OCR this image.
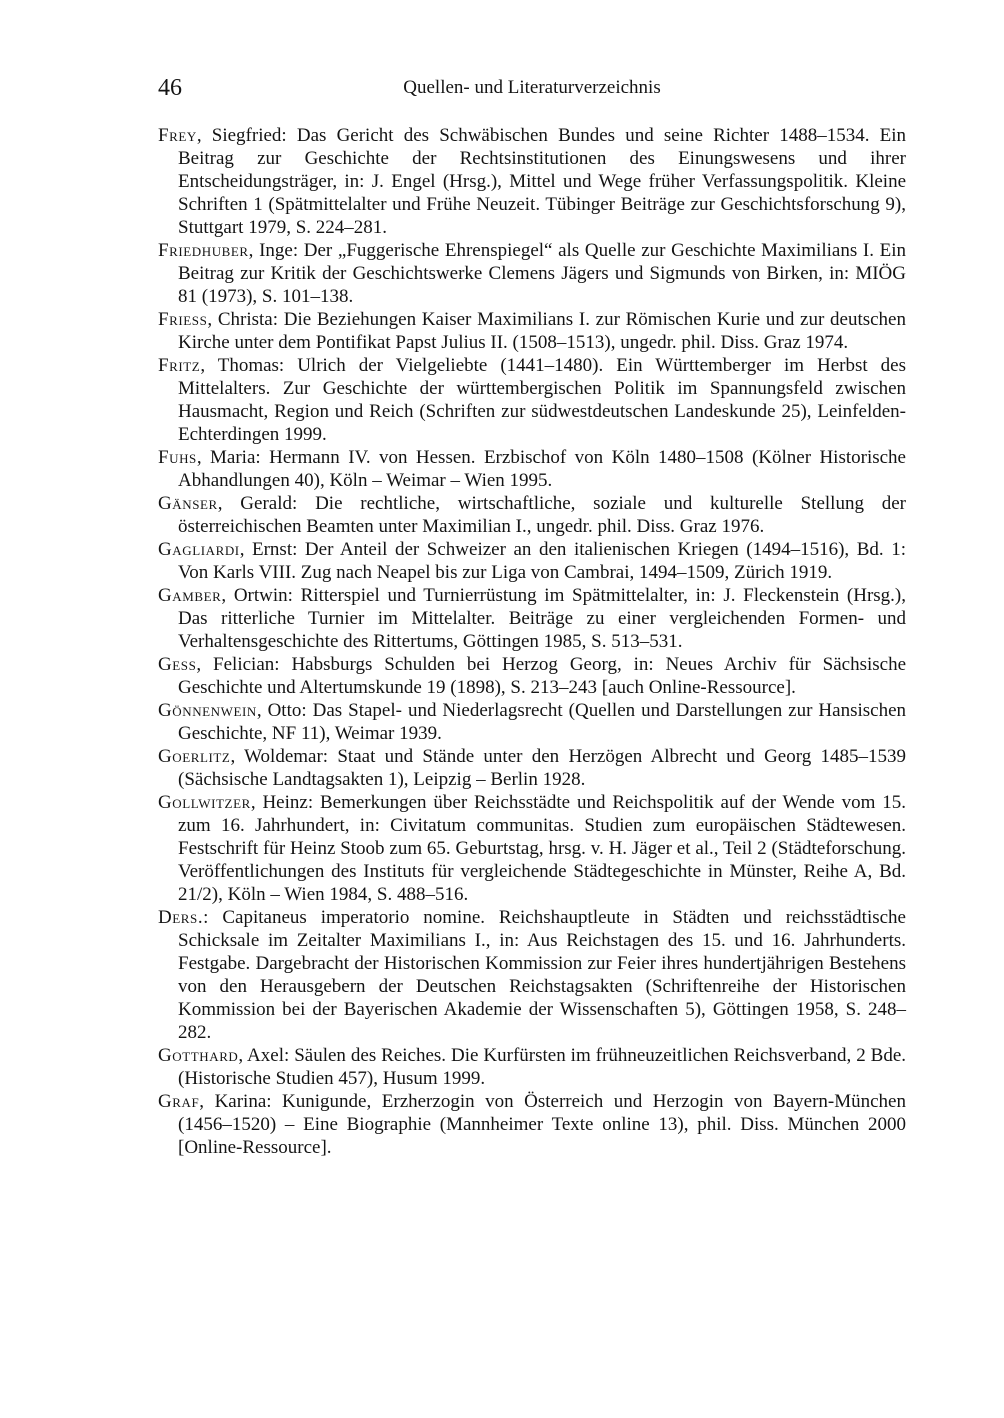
46	Quellen- und Literaturverzeichnis

Frey, Siegfried: Das Gericht des Schwäbischen Bundes und seine Richter 1488–1534. Ein Beitrag zur Geschichte der Rechtsinstitutionen des Einungswesens und ihrer Entscheidungsträger, in: J. Engel (Hrsg.), Mittel und Wege früher Verfassungspolitik. Kleine Schriften 1 (Spätmittelalter und Frühe Neuzeit. Tübinger Beiträge zur Geschichtsforschung 9), Stuttgart 1979, S. 224–281.

Friedhuber, Inge: Der „Fuggerische Ehrenspiegel“ als Quelle zur Geschichte Maximilians I. Ein Beitrag zur Kritik der Geschichtswerke Clemens Jägers und Sigmunds von Birken, in: MIÖG 81 (1973), S. 101–138.

Friess, Christa: Die Beziehungen Kaiser Maximilians I. zur Römischen Kurie und zur deutschen Kirche unter dem Pontifikat Papst Julius II. (1508–1513), ungedr. phil. Diss. Graz 1974.

Fritz, Thomas: Ulrich der Vielgeliebte (1441–1480). Ein Württemberger im Herbst des Mittelalters. Zur Geschichte der württembergischen Politik im Spannungsfeld zwischen Hausmacht, Region und Reich (Schriften zur südwestdeutschen Landeskunde 25), Leinfelden-Echterdingen 1999.

Fuhs, Maria: Hermann IV. von Hessen. Erzbischof von Köln 1480–1508 (Kölner Historische Abhandlungen 40), Köln – Weimar – Wien 1995.

Gänser, Gerald: Die rechtliche, wirtschaftliche, soziale und kulturelle Stellung der österreichischen Beamten unter Maximilian I., ungedr. phil. Diss. Graz 1976.

Gagliardi, Ernst: Der Anteil der Schweizer an den italienischen Kriegen (1494–1516), Bd. 1: Von Karls VIII. Zug nach Neapel bis zur Liga von Cambrai, 1494–1509, Zürich 1919.

Gamber, Ortwin: Ritterspiel und Turnierrüstung im Spätmittelalter, in: J. Fleckenstein (Hrsg.), Das ritterliche Turnier im Mittelalter. Beiträge zu einer vergleichenden Formen- und Verhaltensgeschichte des Rittertums, Göttingen 1985, S. 513–531.

Gess, Felician: Habsburgs Schulden bei Herzog Georg, in: Neues Archiv für Sächsische Geschichte und Altertumskunde 19 (1898), S. 213–243 [auch Online-Ressource].

Gönnenwein, Otto: Das Stapel- und Niederlagsrecht (Quellen und Darstellungen zur Hansischen Geschichte, NF 11), Weimar 1939.

Goerlitz, Woldemar: Staat und Stände unter den Herzögen Albrecht und Georg 1485–1539 (Sächsische Landtagsakten 1), Leipzig – Berlin 1928.

Gollwitzer, Heinz: Bemerkungen über Reichsstädte und Reichspolitik auf der Wende vom 15. zum 16. Jahrhundert, in: Civitatum communitas. Studien zum europäischen Städtewesen. Festschrift für Heinz Stoob zum 65. Geburtstag, hrsg. v. H. Jäger et al., Teil 2 (Städteforschung. Veröffentlichungen des Instituts für vergleichende Städtegeschichte in Münster, Reihe A, Bd. 21/2), Köln – Wien 1984, S. 488–516.

Ders.: Capitaneus imperatorio nomine. Reichshauptleute in Städten und reichsstädtische Schicksale im Zeitalter Maximilians I., in: Aus Reichstagen des 15. und 16. Jahrhunderts. Festgabe. Dargebracht der Historischen Kommission zur Feier ihres hundertjährigen Bestehens von den Herausgebern der Deutschen Reichstagsakten (Schriftenreihe der Historischen Kommission bei der Bayerischen Akademie der Wissenschaften 5), Göttingen 1958, S. 248–282.

Gotthard, Axel: Säulen des Reiches. Die Kurfürsten im frühneuzeitlichen Reichsverband, 2 Bde. (Historische Studien 457), Husum 1999.

Graf, Karina: Kunigunde, Erzherzogin von Österreich und Herzogin von Bayern-München (1456–1520) – Eine Biographie (Mannheimer Texte online 13), phil. Diss. München 2000 [Online-Ressource].
